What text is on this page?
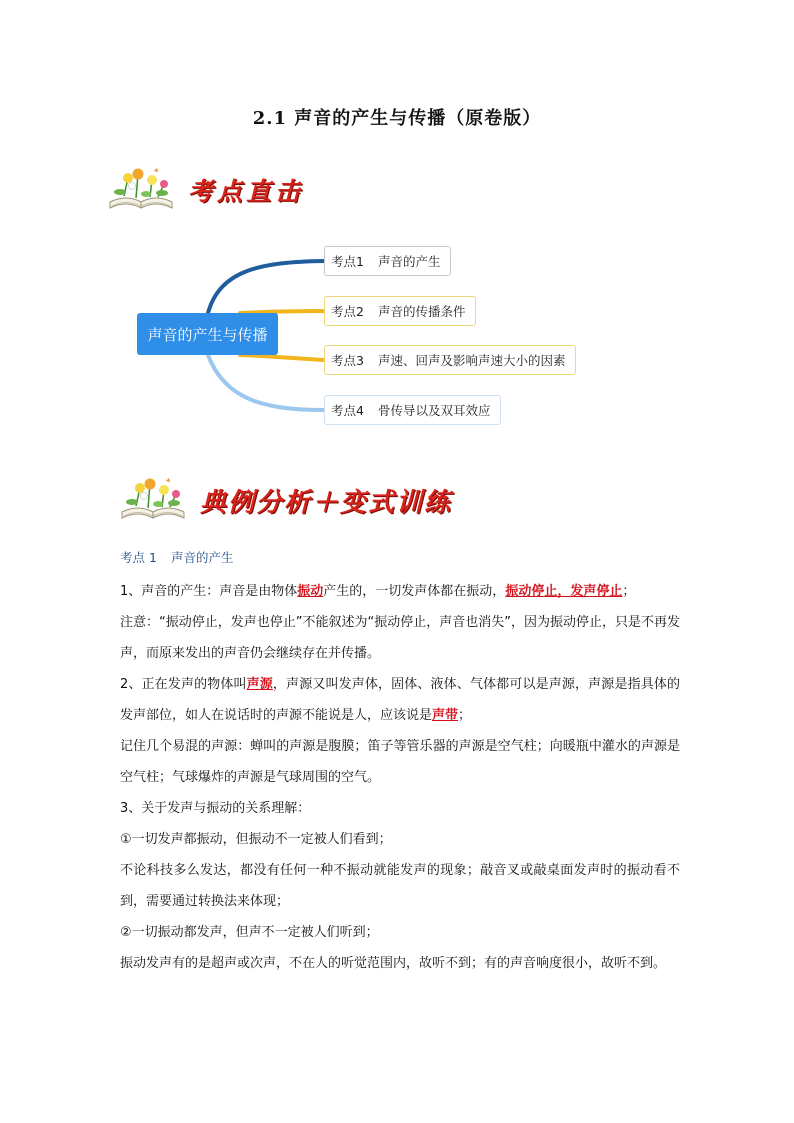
2.1 声音的产生与传播（原卷版）
考点直击
声音的产生与传播
考点1 声音的产生
考点2 声音的传播条件
考点3 声速、回声及影响声速大小的因素
考点4 骨传导以及双耳效应
典例分析＋变式训练
考点 1 声音的产生
1、声音的产生：声音是由物体振动产生的，一切发声体都在振动，振动停止，发声停止；
注意：“振动停止，发声也停止”不能叙述为“振动停止，声音也消失”，因为振动停止，只是不再发声，而原来发出的声音仍会继续存在并传播。
2、正在发声的物体叫声源，声源又叫发声体，固体、液体、气体都可以是声源，声源是指具体的发声部位，如人在说话时的声源不能说是人，应该说是声带；
记住几个易混的声源：蝉叫的声源是腹膜；笛子等管乐器的声源是空气柱；向暖瓶中灌水的声源是空气柱；气球爆炸的声源是气球周围的空气。
3、关于发声与振动的关系理解：
①一切发声都振动，但振动不一定被人们看到；
不论科技多么发达，都没有任何一种不振动就能发声的现象；敲音叉或敲桌面发声时的振动看不到，需要通过转换法来体现；
②一切振动都发声，但声不一定被人们听到；
振动发声有的是超声或次声，不在人的听觉范围内，故听不到；有的声音响度很小，故听不到。
